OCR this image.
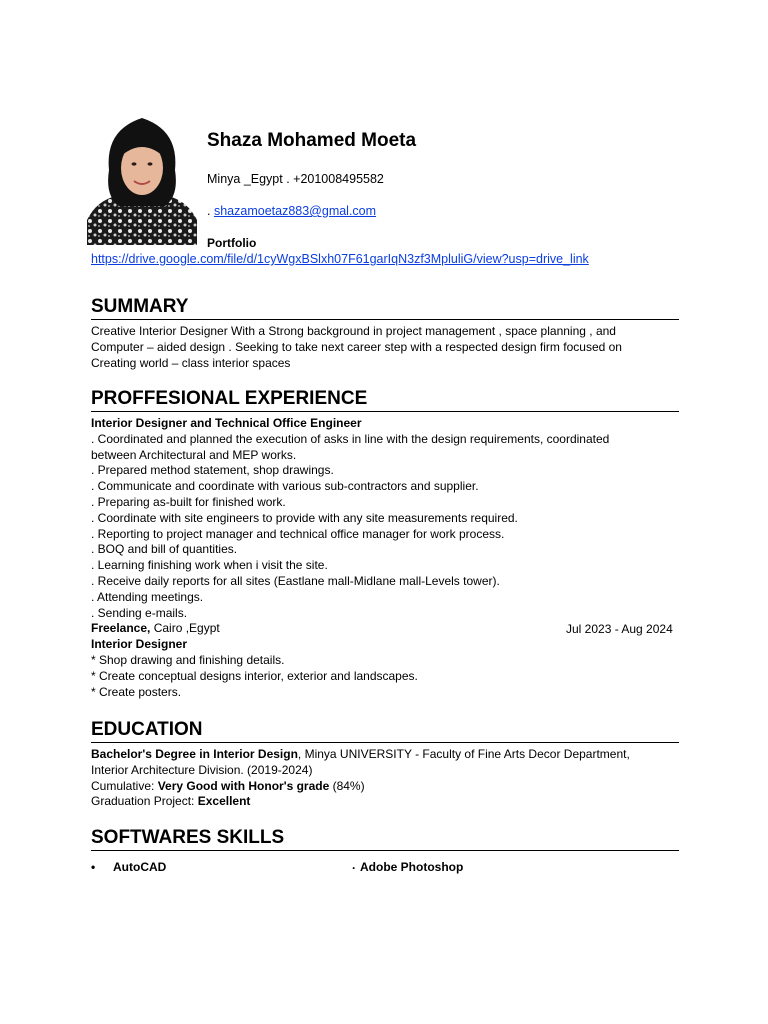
Shaza Mohamed Moeta
Minya _Egypt . +201008495582
. shazamoetaz883@gmal.com
Portfolio
https://drive.google.com/file/d/1cyWgxBSlxh07F61garIqN3zf3MpluliG/view?usp=drive_link
SUMMARY
Creative Interior Designer With a Strong background in project management , space planning , and
Computer – aided design . Seeking to take next career step with a respected design firm focused on
Creating world – class interior spaces
PROFFESIONAL EXPERIENCE
Interior Designer and Technical Office Engineer
. Coordinated and planned the execution of asks in line with the design requirements, coordinated
between Architectural and MEP works.
. Prepared method statement, shop drawings.
. Communicate and coordinate with various sub-contractors and supplier.
. Preparing as-built for finished work.
. Coordinate with site engineers to provide with any site measurements required.
. Reporting to project manager and technical office manager for work process.
. BOQ and bill of quantities.
. Learning finishing work when i visit the site.
. Receive daily reports for all sites (Eastlane mall-Midlane mall-Levels tower).
. Attending meetings.
. Sending e-mails.
Freelance, Cairo ,Egypt
Interior Designer
* Shop drawing and finishing details.
* Create conceptual designs interior, exterior and landscapes.
* Create posters.
Jul 2023 - Aug 2024
EDUCATION
Bachelor's Degree in Interior Design, Minya UNIVERSITY - Faculty of Fine Arts Decor Department,
Interior Architecture Division. (2019-2024)
Cumulative: Very Good with Honor's grade (84%)
Graduation Project: Excellent
SOFTWARES SKILLS
• AutoCAD	. Adobe Photoshop
